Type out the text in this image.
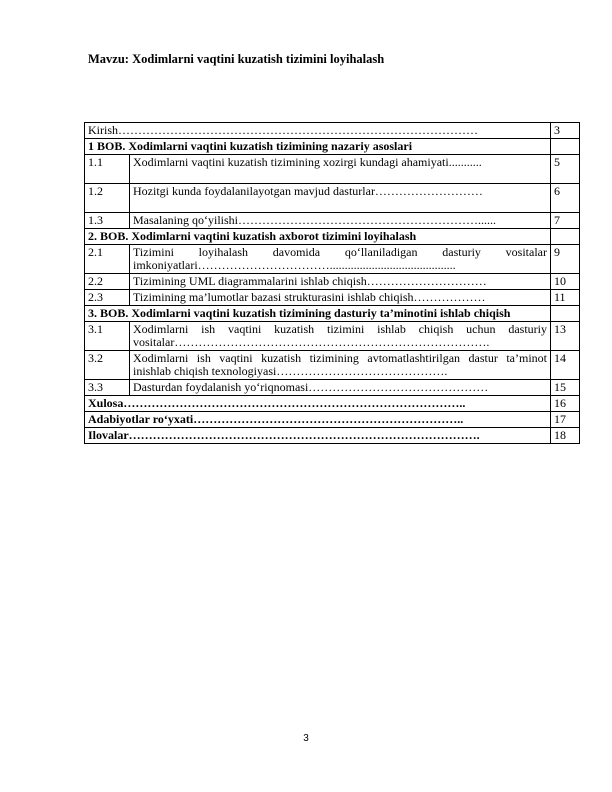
Mavzu: Xodimlarni vaqtini kuzatish tizimini loyihalash
Kirish………………………………………………………………………………		3
1 BOB. Xodimlarni vaqtini kuzatish tizimining nazariy asoslari		
1.1	Xodimlarni vaqtini kuzatish tizimining xozirgi kundagi ahamiyati...........	5
1.2	Hozitgi kunda foydalanilayotgan mavjud dasturlar………………………	6
1.3	Masalaning qo‘yilishi……………………………………………………......	7
2. BOB. Xodimlarni vaqtini kuzatish axborot tizimini loyihalash		
2.1	Tizimini loyihalash davomida qo‘llaniladigan dasturiy vositalar imkoniyatlari……………………………..........................................	9
2.2	Tizimining UML diagrammalarini ishlab chiqish…………………………	10
2.3	Tizimining ma’lumotlar bazasi strukturasini ishlab chiqish………………	11
3. BOB. Xodimlarni vaqtini kuzatish tizimining dasturiy ta’minotini ishlab chiqish		
3.1	Xodimlarni ish vaqtini kuzatish tizimini ishlab chiqish uchun dasturiy vositalar…………………………………………………………………….	13
3.2	Xodimlarni ish vaqtini kuzatish tizimining avtomatlashtirilgan dastur ta’minot inishlab chiqish texnologiyasi…………………………………….	14
3.3	Dasturdan foydalanish yo‘riqnomasi………………………………………	15
Xulosa…………………………………………………………………………..		16
Adabiyotlar ro‘yxati…………………………………………………………..		17
Ilovalar…………………………………………………………………………….		18
3
